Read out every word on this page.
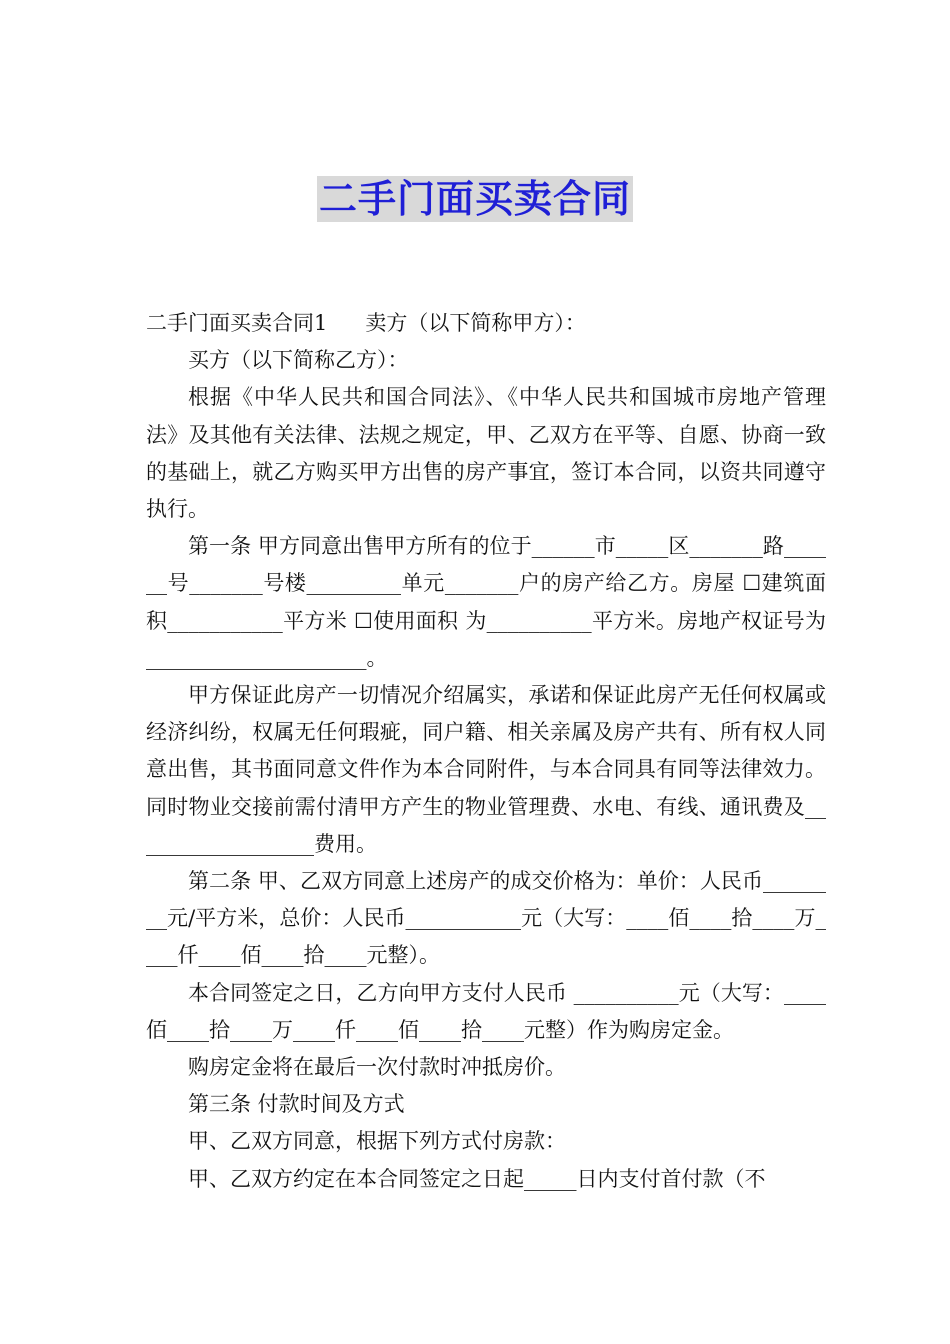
二手门面买卖合同

二手门面买卖合同1 卖方（以下简称甲方）：

买方（以下简称乙方）：

根据《中华人民共和国合同法》、《中华人民共和国城市房地产管理法》及其他有关法律、法规之规定，甲、乙双方在平等、自愿、协商一致的基础上，就乙方购买甲方出售的房产事宜，签订本合同，以资共同遵守执行。

第一条 甲方同意出售甲方所有的位于______市_____区_______路______号_______号楼_________单元_______户的房产给乙方。房屋 ☐建筑面积___________平方米 ☐使用面积 为__________平方米。房地产权证号为_____________________。

甲方保证此房产一切情况介绍属实，承诺和保证此房产无任何权属或经济纠纷，权属无任何瑕疵，同户籍、相关亲属及房产共有、所有权人同意出售，其书面同意文件作为本合同附件，与本合同具有同等法律效力。同时物业交接前需付清甲方产生的物业管理费、水电、有线、通讯费及__________________费用。

第二条 甲、乙双方同意上述房产的成交价格为：单价：人民币________元/平方米，总价：人民币___________元（大写：____佰____拾____万____仟____佰____拾____元整）。

本合同签定之日，乙方向甲方支付人民币 __________元（大写：____佰____拾____万____仟____佰____拾____元整）作为购房定金。

购房定金将在最后一次付款时冲抵房价。

第三条 付款时间及方式

甲、乙双方同意，根据下列方式付房款：

甲、乙双方约定在本合同签定之日起_____日内支付首付款（不
